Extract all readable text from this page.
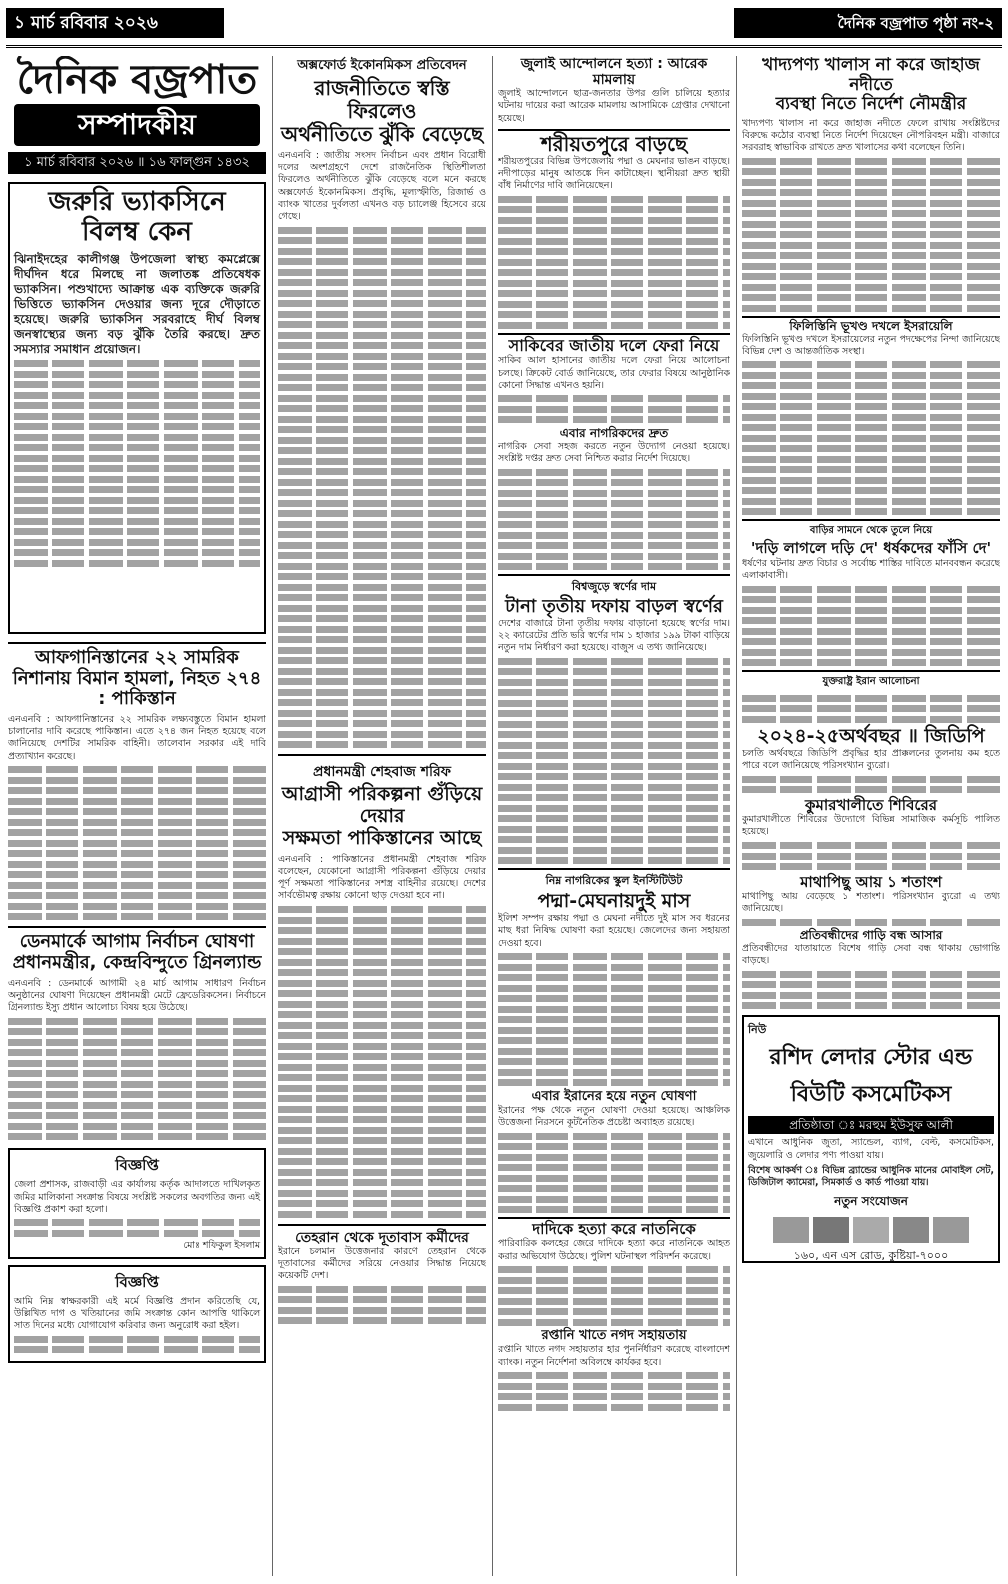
১ মার্চ রবিবার ২০২৬	দৈনিক বজ্রপাত পৃষ্ঠা নং-২
দৈনিক বজ্রপাত
সম্পাদকীয়
১ মার্চ রবিবার ২০২৬ ॥ ১৬ ফাল্গুন ১৪৩২
জরুরি ভ্যাকসিনে
বিলম্ব কেন
ঝিনাইদহের কালীগঞ্জ উপজেলা স্বাস্থ্য কমপ্লেক্সে দীর্ঘদিন ধরে মিলছে না জলাতঙ্ক প্রতিষেধক ভ্যাকসিন। পশুখাদ্যে আক্রান্ত এক ব্যক্তিকে জরুরি ভিত্তিতে ভ্যাকসিন দেওয়ার জন্য দূরে দৌড়াতে হয়েছে। জরুরি ভ্যাকসিন সরবরাহে দীর্ঘ বিলম্ব জনস্বাস্থ্যের জন্য বড় ঝুঁকি তৈরি করছে। দ্রুত সমস্যার সমাধান প্রয়োজন।
আফগানিস্তানের ২২ সামরিক নিশানায় বিমান হামলা, নিহত ২৭৪ : পাকিস্তান
এনএনবি : আফগানিস্তানের ২২ সামরিক লক্ষ্যবস্তুতে বিমান হামলা চালানোর দাবি করেছে পাকিস্তান। এতে ২৭৪ জন নিহত হয়েছে বলে জানিয়েছে দেশটির সামরিক বাহিনী। তালেবান সরকার এই দাবি প্রত্যাখ্যান করেছে।
ডেনমার্কে আগাম নির্বাচন ঘোষণা প্রধানমন্ত্রীর, কেন্দ্রবিন্দুতে গ্রিনল্যান্ড
এনএনবি : ডেনমার্কে আগামী ২৪ মার্চ আগাম সাধারণ নির্বাচন অনুষ্ঠানের ঘোষণা দিয়েছেন প্রধানমন্ত্রী মেটে ফ্রেডেরিকসেন। নির্বাচনে গ্রিনল্যান্ড ইস্যু প্রধান আলোচ্য বিষয় হয়ে উঠেছে।
বিজ্ঞপ্তি
জেলা প্রশাসক, রাজবাড়ী এর কার্যালয় কর্তৃক আদালতে দাখিলকৃত জমির মালিকানা সংক্রান্ত বিষয়ে সংশ্লিষ্ট সকলের অবগতির জন্য এই বিজ্ঞপ্তি প্রকাশ করা হলো।
মোঃ শফিকুল ইসলাম
বিজ্ঞপ্তি
আমি নিম্ন স্বাক্ষরকারী এই মর্মে বিজ্ঞপ্তি প্রদান করিতেছি যে, উল্লিখিত দাগ ও খতিয়ানের জমি সংক্রান্ত কোন আপত্তি থাকিলে সাত দিনের মধ্যে যোগাযোগ করিবার জন্য অনুরোধ করা হইল।
অক্সফোর্ড ইকোনমিকস প্রতিবেদন
রাজনীতিতে স্বস্তি ফিরলেও
অর্থনীতিতে ঝুঁকি বেড়েছে
এনএনবি : জাতীয় সংসদ নির্বাচন এবং প্রধান বিরোধী দলের অংশগ্রহণে দেশে রাজনৈতিক স্থিতিশীলতা ফিরলেও অর্থনীতিতে ঝুঁকি বেড়েছে বলে মনে করছে অক্সফোর্ড ইকোনমিকস। প্রবৃদ্ধি, মূল্যস্ফীতি, রিজার্ভ ও ব্যাংক খাতের দুর্বলতা এখনও বড় চ্যালেঞ্জ হিসেবে রয়ে গেছে।
প্রধানমন্ত্রী শেহবাজ শরিফ
আগ্রাসী পরিকল্পনা গুঁড়িয়ে দেয়ার
সক্ষমতা পাকিস্তানের আছে
এনএনবি : পাকিস্তানের প্রধানমন্ত্রী শেহবাজ শরিফ বলেছেন, যেকোনো আগ্রাসী পরিকল্পনা গুঁড়িয়ে দেয়ার পূর্ণ সক্ষমতা পাকিস্তানের সশস্ত্র বাহিনীর রয়েছে। দেশের সার্বভৌমত্ব রক্ষায় কোনো ছাড় দেওয়া হবে না।
তেহরান থেকে দূতাবাস কর্মীদের
ইরানে চলমান উত্তেজনার কারণে তেহরান থেকে দূতাবাসের কর্মীদের সরিয়ে নেওয়ার সিদ্ধান্ত নিয়েছে কয়েকটি দেশ।
জুলাই আন্দোলনে হত্যা : আরেক মামলায়
জুলাই আন্দোলনে ছাত্র-জনতার উপর গুলি চালিয়ে হত্যার ঘটনায় দায়ের করা আরেক মামলায় আসামিকে গ্রেপ্তার দেখানো হয়েছে।
শরীয়তপুরে বাড়ছে
শরীয়তপুরের বিভিন্ন উপজেলায় পদ্মা ও মেঘনার ভাঙন বাড়ছে। নদীপাড়ের মানুষ আতঙ্কে দিন কাটাচ্ছেন। স্থানীয়রা দ্রুত স্থায়ী বাঁধ নির্মাণের দাবি জানিয়েছেন।
সাকিবের জাতীয় দলে ফেরা নিয়ে
সাকিব আল হাসানের জাতীয় দলে ফেরা নিয়ে আলোচনা চলছে। ক্রিকেট বোর্ড জানিয়েছে, তার ফেরার বিষয়ে আনুষ্ঠানিক কোনো সিদ্ধান্ত এখনও হয়নি।
এবার নাগরিকদের দ্রুত
নাগরিক সেবা সহজ করতে নতুন উদ্যোগ নেওয়া হয়েছে। সংশ্লিষ্ট দপ্তর দ্রুত সেবা নিশ্চিত করার নির্দেশ দিয়েছে।
বিশ্বজুড়ে স্বর্ণের দাম
টানা তৃতীয় দফায় বাড়ল স্বর্ণের
দেশের বাজারে টানা তৃতীয় দফায় বাড়ানো হয়েছে স্বর্ণের দাম। ২২ ক্যারেটের প্রতি ভরি স্বর্ণের দাম ১ হাজার ১৯৯ টাকা বাড়িয়ে নতুন দাম নির্ধারণ করা হয়েছে। বাজুস এ তথ্য জানিয়েছে।
নিম্ন নাগরিকের স্কুল ইনস্টিটিউট
পদ্মা-মেঘনায়দুই মাস
ইলিশ সম্পদ রক্ষায় পদ্মা ও মেঘনা নদীতে দুই মাস সব ধরনের মাছ ধরা নিষিদ্ধ ঘোষণা করা হয়েছে। জেলেদের জন্য সহায়তা দেওয়া হবে।
এবার ইরানের হয়ে নতুন ঘোষণা
ইরানের পক্ষ থেকে নতুন ঘোষণা দেওয়া হয়েছে। আঞ্চলিক উত্তেজনা নিরসনে কূটনৈতিক প্রচেষ্টা অব্যাহত রয়েছে।
দাদিকে হত্যা করে নাতনিকে
পারিবারিক কলহের জেরে দাদিকে হত্যা করে নাতনিকে আহত করার অভিযোগ উঠেছে। পুলিশ ঘটনাস্থল পরিদর্শন করেছে।
রপ্তানি খাতে নগদ সহায়তায়
রপ্তানি খাতে নগদ সহায়তার হার পুনর্নির্ধারণ করেছে বাংলাদেশ ব্যাংক। নতুন নির্দেশনা অবিলম্বে কার্যকর হবে।
খাদ্যপণ্য খালাস না করে জাহাজ নদীতে
ব্যবস্থা নিতে নির্দেশ নৌমন্ত্রীর
খাদ্যপণ্য খালাস না করে জাহাজ নদীতে ফেলে রাখায় সংশ্লিষ্টদের বিরুদ্ধে কঠোর ব্যবস্থা নিতে নির্দেশ দিয়েছেন নৌপরিবহন মন্ত্রী। বাজারে সরবরাহ স্বাভাবিক রাখতে দ্রুত খালাসের কথা বলেছেন তিনি।
ফিলিস্তিনি ভূখণ্ড দখলে ইসরায়েলি
ফিলিস্তিনি ভূখণ্ড দখলে ইসরায়েলের নতুন পদক্ষেপের নিন্দা জানিয়েছে বিভিন্ন দেশ ও আন্তর্জাতিক সংস্থা।
বাড়ির সামনে থেকে তুলে নিয়ে
'দড়ি লাগলে দড়ি দে' ধর্ষকদের ফাঁসি দে'
ধর্ষণের ঘটনায় দ্রুত বিচার ও সর্বোচ্চ শাস্তির দাবিতে মানববন্ধন করেছে এলাকাবাসী।
যুক্তরাষ্ট্র ইরান আলোচনা
২০২৪-২৫অর্থবছর ॥ জিডিপি
চলতি অর্থবছরে জিডিপি প্রবৃদ্ধির হার প্রাক্কলনের তুলনায় কম হতে পারে বলে জানিয়েছে পরিসংখ্যান ব্যুরো।
কুমারখালীতে শিবিরের
কুমারখালীতে শিবিরের উদ্যোগে বিভিন্ন সামাজিক কর্মসূচি পালিত হয়েছে।
মাথাপিছু আয় ১ শতাংশ
মাথাপিছু আয় বেড়েছে ১ শতাংশ। পরিসংখ্যান ব্যুরো এ তথ্য জানিয়েছে।
প্রতিবন্ধীদের গাড়ি বন্ধ আসার
প্রতিবন্ধীদের যাতায়াতে বিশেষ গাড়ি সেবা বন্ধ থাকায় ভোগান্তি বাড়ছে।
নিউ
রশিদ লেদার স্টোর এন্ড
বিউটি কসমেটিকস
প্রতিষ্ঠাতা ঃ মরহুম ইউসুফ আলী
এখানে আধুনিক জুতা, স্যান্ডেল, ব্যাগ, বেল্ট, কসমেটিকস, জুয়েলারি ও লেদার পণ্য পাওয়া যায়।
বিশেষ আকর্ষণ ঃ বিভিন্ন ব্র্যান্ডের আধুনিক মানের মোবাইল সেট, ডিজিটাল ক্যামেরা, সিমকার্ড ও কার্ড পাওয়া যায়।
নতুন সংযোজন
১৬০, এন এস রোড, কুষ্টিয়া-৭০০০
